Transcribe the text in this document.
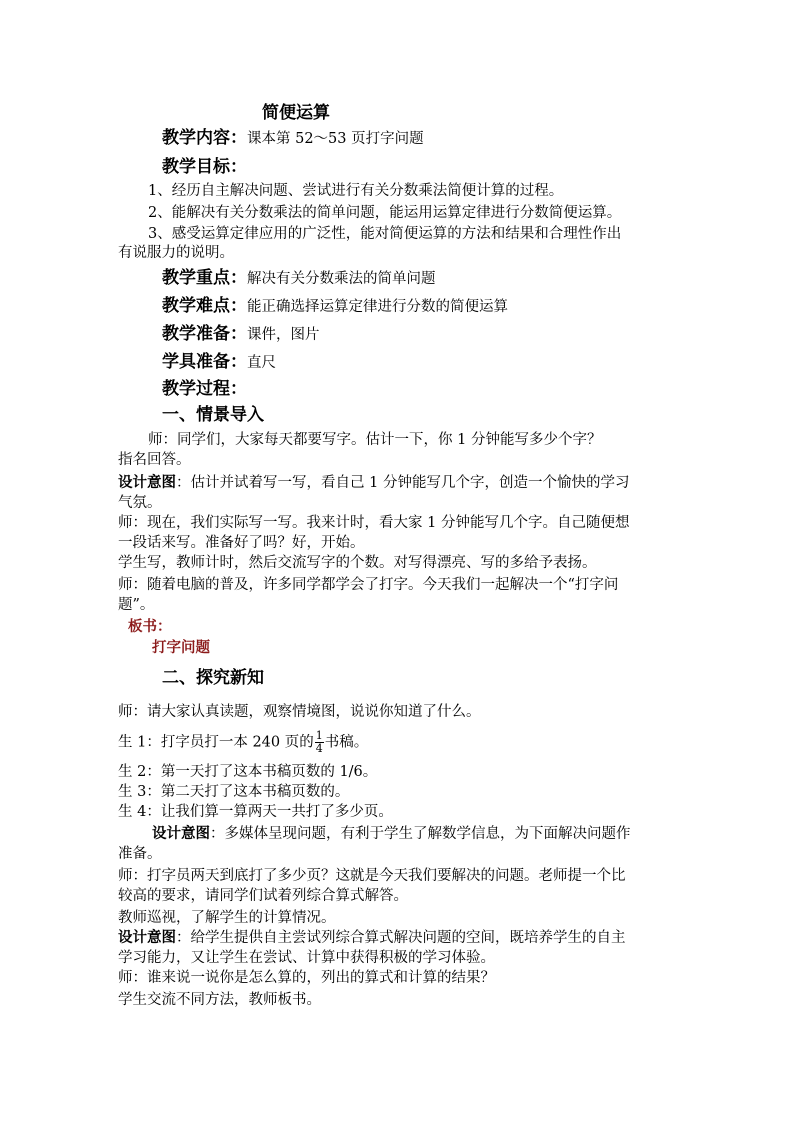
简便运算
教学内容：课本第 52～53 页打字问题
教学目标：
1、经历自主解决问题、尝试进行有关分数乘法简便计算的过程。
2、能解决有关分数乘法的简单问题，能运用运算定律进行分数简便运算。
3、感受运算定律应用的广泛性，能对简便运算的方法和结果和合理性作出
有说服力的说明。
教学重点：解决有关分数乘法的简单问题
教学难点：能正确选择运算定律进行分数的简便运算
教学准备：课件，图片
学具准备：直尺
教学过程：
一、情景导入
师：同学们，大家每天都要写字。估计一下，你 1 分钟能写多少个字？
指名回答。
设计意图：估计并试着写一写，看自己 1 分钟能写几个字，创造一个愉快的学习
气氛。
师：现在，我们实际写一写。我来计时，看大家 1 分钟能写几个字。自己随便想
一段话来写。准备好了吗？好，开始。
学生写，教师计时，然后交流写字的个数。对写得漂亮、写的多给予表扬。
师：随着电脑的普及，许多同学都学会了打字。今天我们一起解决一个“打字问
题”。
板书：
打字问题
二、探究新知
师：请大家认真读题，观察情境图，说说你知道了什么。
生 1：打字员打一本 240 页的 $\frac{1}{4}$ 书稿。
生 2：第一天打了这本书稿页数的 1/6。
生 3：第二天打了这本书稿页数的。
生 4：让我们算一算两天一共打了多少页。
设计意图：多媒体呈现问题，有利于学生了解数学信息，为下面解决问题作
准备。
师：打字员两天到底打了多少页？这就是今天我们要解决的问题。老师提一个比
较高的要求，请同学们试着列综合算式解答。
教师巡视，了解学生的计算情况。
设计意图：给学生提供自主尝试列综合算式解决问题的空间，既培养学生的自主
学习能力，又让学生在尝试、计算中获得积极的学习体验。
师：谁来说一说你是怎么算的，列出的算式和计算的结果？
学生交流不同方法，教师板书。
